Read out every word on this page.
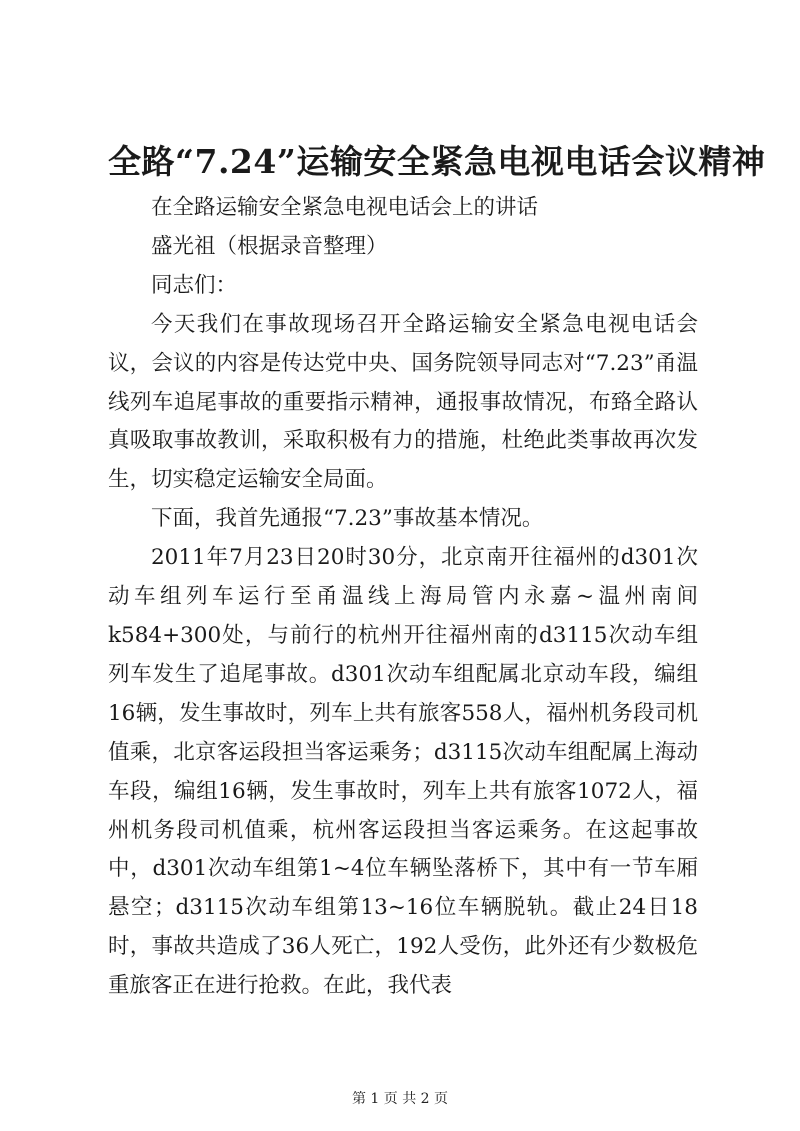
全路“7.24”运输安全紧急电视电话会议精神

在全路运输安全紧急电视电话会上的讲话

盛光祖（根据录音整理）

同志们：

今天我们在事故现场召开全路运输安全紧急电视电话会议，会议的内容是传达党中央、国务院领导同志对“7.23”甬温线列车追尾事故的重要指示精神，通报事故情况，布臵全路认真吸取事故教训，采取积极有力的措施，杜绝此类事故再次发生，切实稳定运输安全局面。

下面，我首先通报“7.23”事故基本情况。

2011年7月23日20时30分，北京南开往福州的d301次动车组列车运行至甬温线上海局管内永嘉~温州南间k584+300处，与前行的杭州开往福州南的d3115次动车组列车发生了追尾事故。d301次动车组配属北京动车段，编组16辆，发生事故时，列车上共有旅客558人，福州机务段司机值乘，北京客运段担当客运乘务；d3115次动车组配属上海动车段，编组16辆，发生事故时，列车上共有旅客1072人，福州机务段司机值乘，杭州客运段担当客运乘务。在这起事故中，d301次动车组第1~4位车辆坠落桥下，其中有一节车厢悬空；d3115次动车组第13~16位车辆脱轨。截止24日18时，事故共造成了36人死亡，192人受伤，此外还有少数极危重旅客正在进行抢救。在此，我代表

第 1 页 共 2 页
